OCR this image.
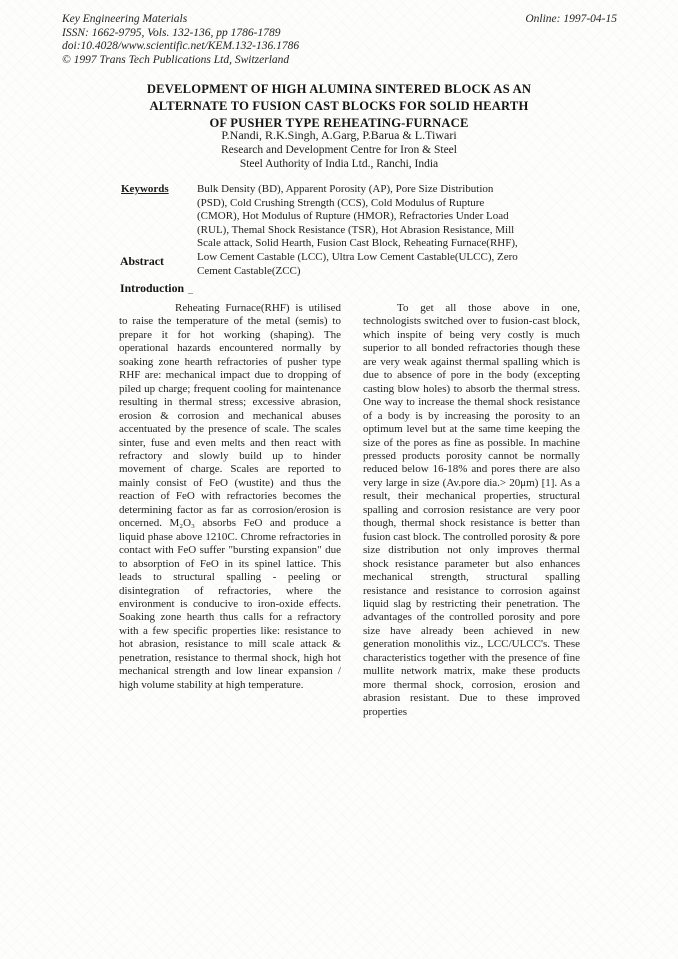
Key Engineering Materials
ISSN: 1662-9795, Vols. 132-136, pp 1786-1789
doi:10.4028/www.scientific.net/KEM.132-136.1786
© 1997 Trans Tech Publications Ltd, Switzerland
Online: 1997-04-15
DEVELOPMENT OF HIGH ALUMINA SINTERED BLOCK AS AN
ALTERNATE TO FUSION CAST BLOCKS FOR SOLID HEARTH
OF PUSHER TYPE REHEATING-FURNACE
P.Nandi, R.K.Singh, A.Garg, P.Barua & L.Tiwari
Research and Development Centre for Iron & Steel
Steel Authority of India Ltd., Ranchi, India
Keywords	Bulk Density (BD), Apparent Porosity (AP), Pore Size Distribution (PSD), Cold Crushing Strength (CCS), Cold Modulus of Rupture (CMOR), Hot Modulus of Rupture (HMOR), Refractories Under Load (RUL), Themal Shock Resistance (TSR), Hot Abrasion Resistance, Mill Scale attack, Solid Hearth, Fusion Cast Block, Reheating Furnace(RHF), Low Cement Castable (LCC), Ultra Low Cement Castable(ULCC), Zero Cement Castable(ZCC)
Abstract
Introduction _

Reheating Furnace(RHF) is utilised to raise the temperature of the metal (semis) to prepare it for hot working (shaping). The operational hazards encountered normally by soaking zone hearth refractories of pusher type RHF are: mechanical impact due to dropping of piled up charge; frequent cooling for maintenance resulting in thermal stress; excessive abrasion, erosion & corrosion and mechanical abuses accentuated by the presence of scale. The scales sinter, fuse and even melts and then react with refractory and slowly build up to hinder movement of charge. Scales are reported to mainly consist of FeO (wustite) and thus the reaction of FeO with refractories becomes the determining factor as far as corrosion/erosion is oncerned. M₂O₃ absorbs FeO and produce a liquid phase above 1210C. Chrome refractories in contact with FeO suffer "bursting expansion" due to absorption of FeO in its spinel lattice. This leads to structural spalling - peeling or disintegration of refractories, where the environment is conducive to iron-oxide effects. Soaking zone hearth thus calls for a refractory with a few specific properties like: resistance to hot abrasion, resistance to mill scale attack & penetration, resistance to thermal shock, high hot mechanical strength and low linear expansion / high volume stability at high temperature.

To get all those above in one, technologists switched over to fusion-cast block, which inspite of being very costly is much superior to all bonded refractories though these are very weak against thermal spalling which is due to absence of pore in the body (excepting casting blow holes) to absorb the thermal stress. One way to increase the themal shock resistance of a body is by increasing the porosity to an optimum level but at the same time keeping the size of the pores as fine as possible. In machine pressed products porosity cannot be normally reduced below 16-18% and pores there are also very large in size (Av.pore dia.> 20μm) [1]. As a result, their mechanical properties, structural spalling and corrosion resistance are very poor though, thermal shock resistance is better than fusion cast block. The controlled porosity & pore size distribution not only improves thermal shock resistance parameter but also enhances mechanical strength, structural spalling resistance and resistance to corrosion against liquid slag by restricting their penetration. The advantages of the controlled porosity and pore size have already been achieved in new generation monolithis viz., LCC/ULCC's. These characteristics together with the presence of fine mullite network matrix, make these products more thermal shock, corrosion, erosion and abrasion resistant. Due to these improved properties
